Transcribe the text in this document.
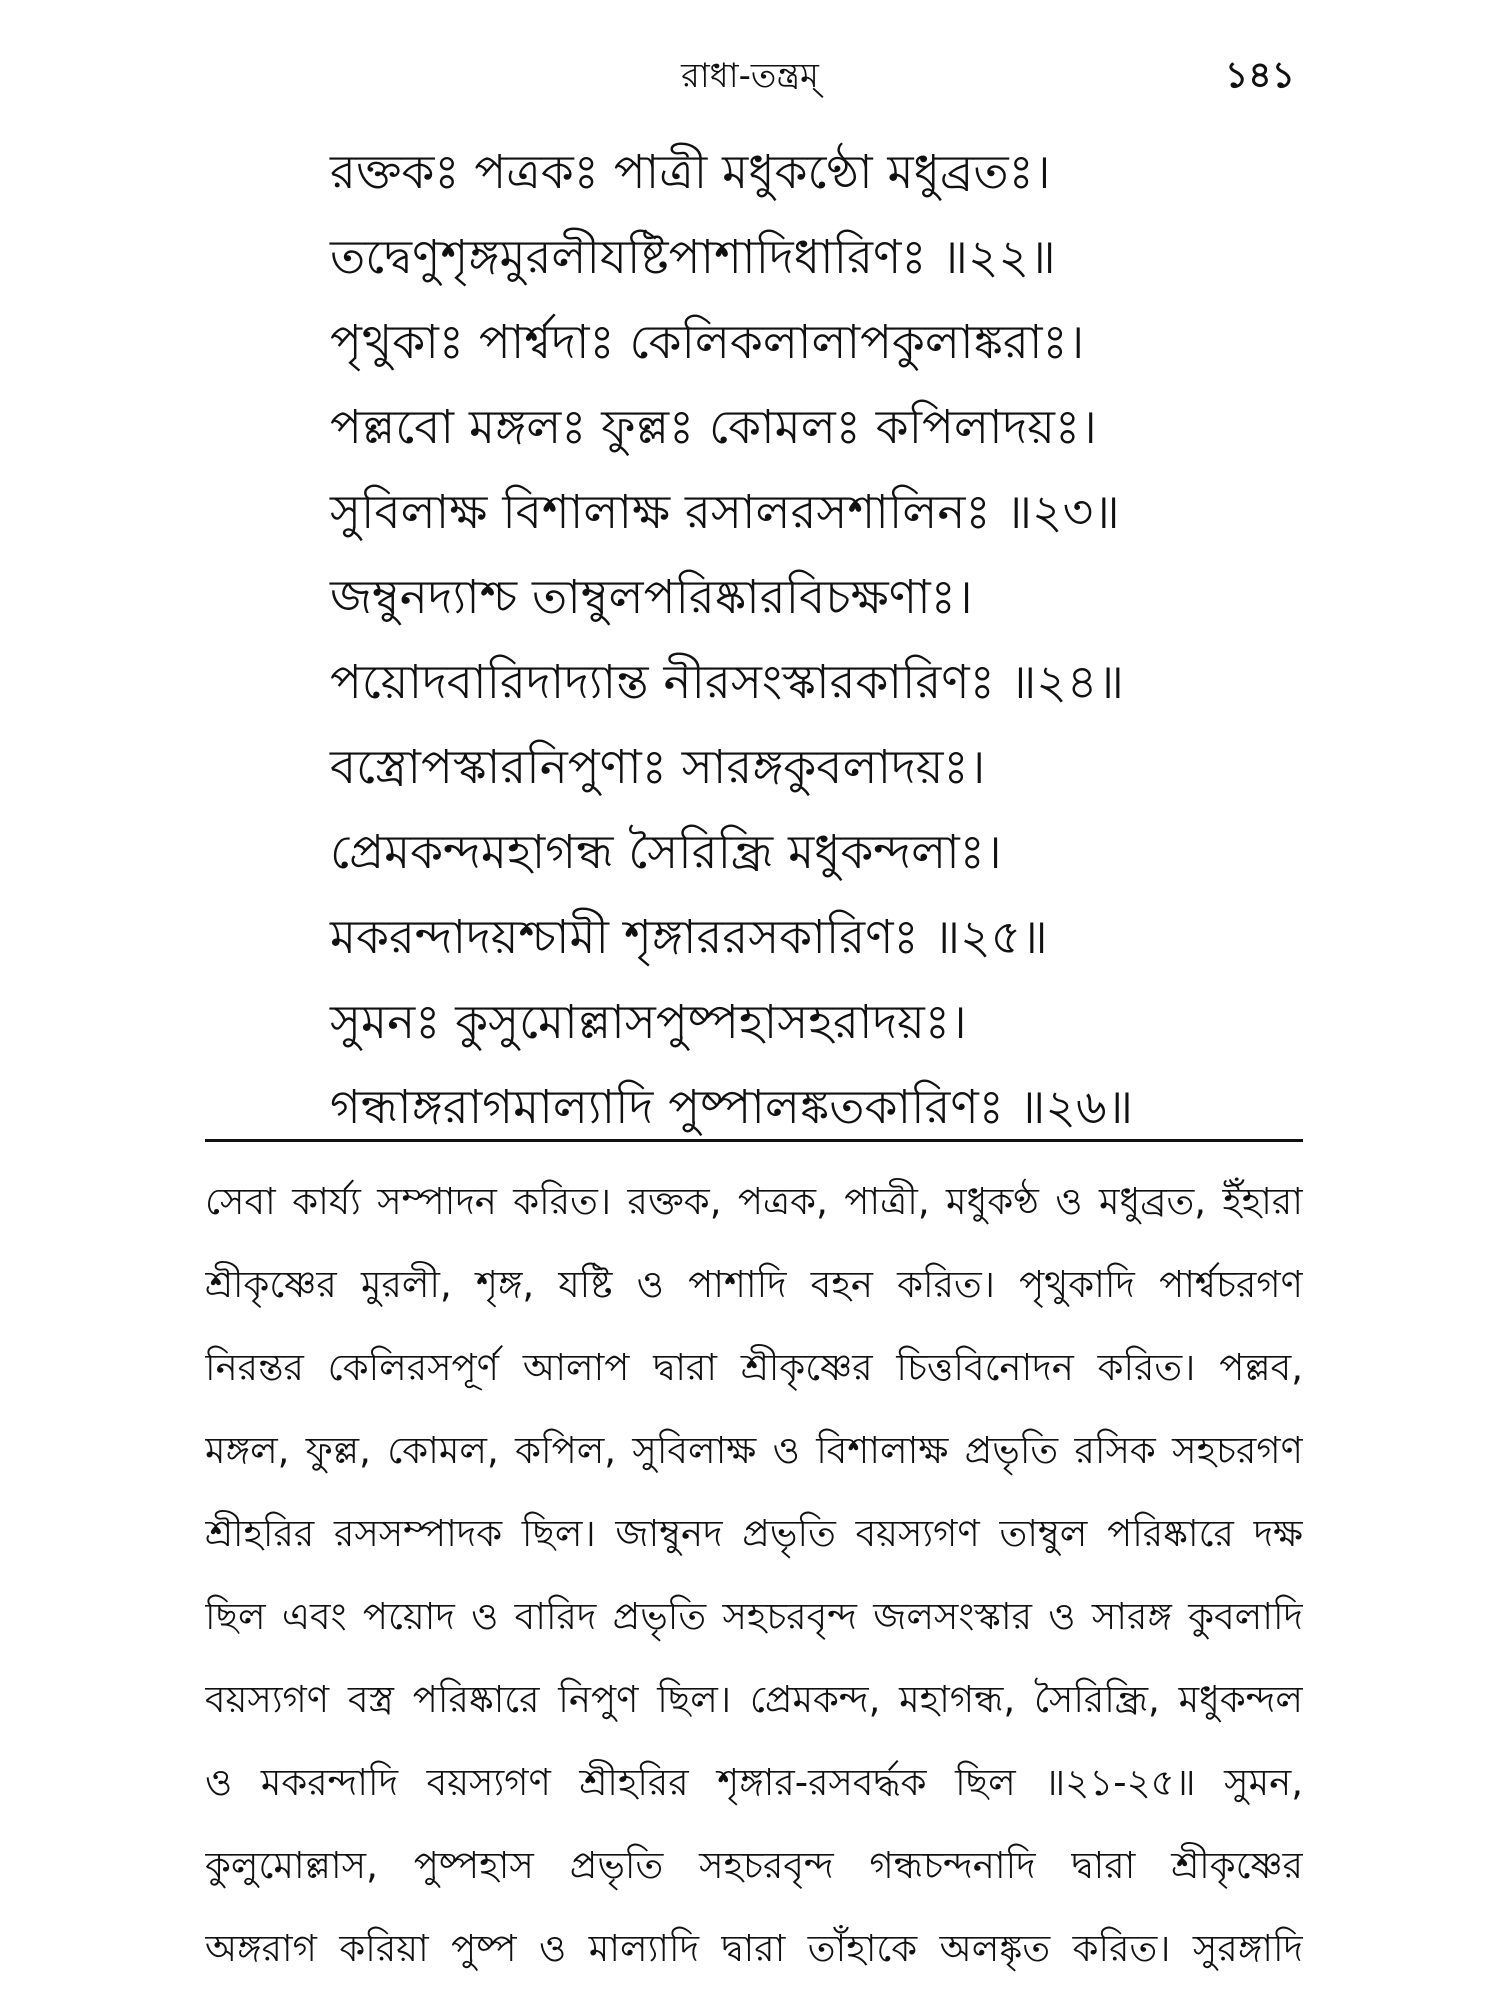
রাধা-তন্ত্রম্	১৪১
রক্তকঃ পত্রকঃ পাত্রী মধুকণ্ঠো মধুব্রতঃ।
তদ্বেণুশৃঙ্গমুরলীযষ্টিপাশাদিধারিণঃ ॥২২॥
পৃথুকাঃ পার্শ্বদাঃ কেলিকলালাপকুলাঙ্করাঃ।
পল্লবো মঙ্গলঃ ফুল্লঃ কোমলঃ কপিলাদয়ঃ।
সুবিলাক্ষ বিশালাক্ষ রসালরসশালিনঃ ॥২৩॥
জম্বুনদ্যাশ্চ তাম্বুলপরিষ্কারবিচক্ষণাঃ।
পয়োদবারিদাদ্যান্ত নীরসংস্কারকারিণঃ ॥২৪॥
বস্ত্রোপস্কারনিপুণাঃ সারঙ্গকুবলাদয়ঃ।
প্রেমকন্দমহাগন্ধ সৈরিন্ধ্রি মধুকন্দলাঃ।
মকরন্দাদয়শ্চামী শৃঙ্গাররসকারিণঃ ॥২৫॥
সুমনঃ কুসুমোল্লাসপুষ্পহাসহরাদয়ঃ।
গন্ধাঙ্গরাগমাল্যাদি পুষ্পালঙ্কতকারিণঃ ॥২৬॥
সেবা কার্য্য সম্পাদন করিত। রক্তক, পত্রক, পাত্রী, মধুকণ্ঠ ও মধুব্রত, ইঁহারা
শ্রীকৃষ্ণের মুরলী, শৃঙ্গ, যষ্টি ও পাশাদি বহন করিত। পৃথুকাদি পার্শ্বচরগণ
নিরন্তর কেলিরসপূর্ণ আলাপ দ্বারা শ্রীকৃষ্ণের চিত্তবিনোদন করিত। পল্লব,
মঙ্গল, ফুল্ল, কোমল, কপিল, সুবিলাক্ষ ও বিশালাক্ষ প্রভৃতি রসিক সহচরগণ
শ্রীহরির রসসম্পাদক ছিল। জাম্বুনদ প্রভৃতি বয়স্যগণ তাম্বুল পরিষ্কারে দক্ষ
ছিল এবং পয়োদ ও বারিদ প্রভৃতি সহচরবৃন্দ জলসংস্কার ও সারঙ্গ কুবলাদি
বয়স্যগণ বস্ত্র পরিষ্কারে নিপুণ ছিল। প্রেমকন্দ, মহাগন্ধ, সৈরিন্ধ্রি, মধুকন্দল
ও মকরন্দাদি বয়স্যগণ শ্রীহরির শৃঙ্গার-রসবর্দ্ধক ছিল ॥২১-২৫॥ সুমন,
কুলুমোল্লাস, পুষ্পহাস প্রভৃতি সহচরবৃন্দ গন্ধচন্দনাদি দ্বারা শ্রীকৃষ্ণের
অঙ্গরাগ করিয়া পুষ্প ও মাল্যাদি দ্বারা তাঁহাকে অলঙ্কৃত করিত। সুরঙ্গাদি
